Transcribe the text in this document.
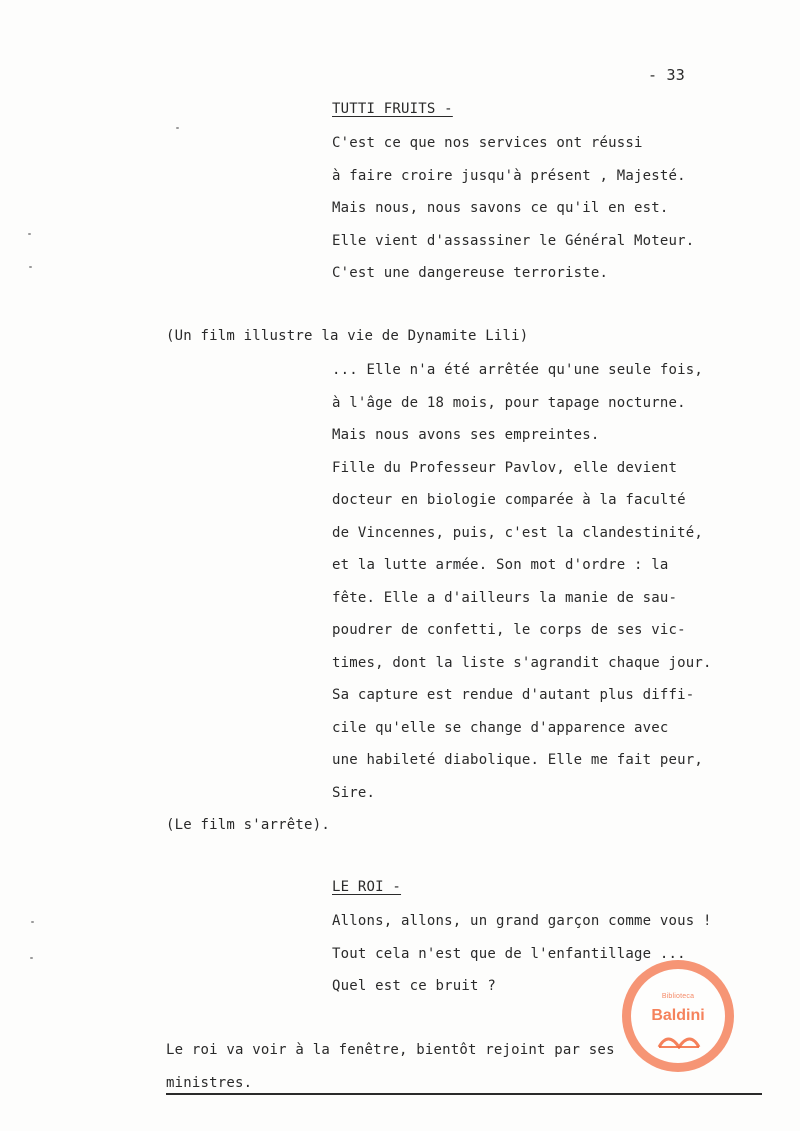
- 33
TUTTI FRUITS -
C'est ce que nos services ont réussi
à faire croire jusqu'à présent , Majesté.
Mais nous, nous savons ce qu'il en est.
Elle vient d'assassiner le Général Moteur.
C'est une dangereuse terroriste.
(Un film illustre la vie de Dynamite Lili)
... Elle n'a été arrêtée qu'une seule fois,
à l'âge de 18 mois, pour tapage nocturne.
Mais nous avons ses empreintes.
Fille du Professeur Pavlov, elle devient
docteur en biologie comparée à la faculté
de Vincennes, puis, c'est la clandestinité,
et la lutte armée. Son mot d'ordre : la
fête. Elle a d'ailleurs la manie de sau-
poudrer de confetti, le corps de ses vic-
times, dont la liste s'agrandit chaque jour.
Sa capture est rendue d'autant plus diffi-
cile qu'elle se change d'apparence avec
une habileté diabolique. Elle me fait peur,
Sire.
(Le film s'arrête).
LE ROI -
Allons, allons, un grand garçon comme vous !
Tout cela n'est que de l'enfantillage ...
Quel est ce bruit ?
Le roi va voir à la fenêtre, bientôt rejoint par ses
ministres.
Biblioteca
Baldini
